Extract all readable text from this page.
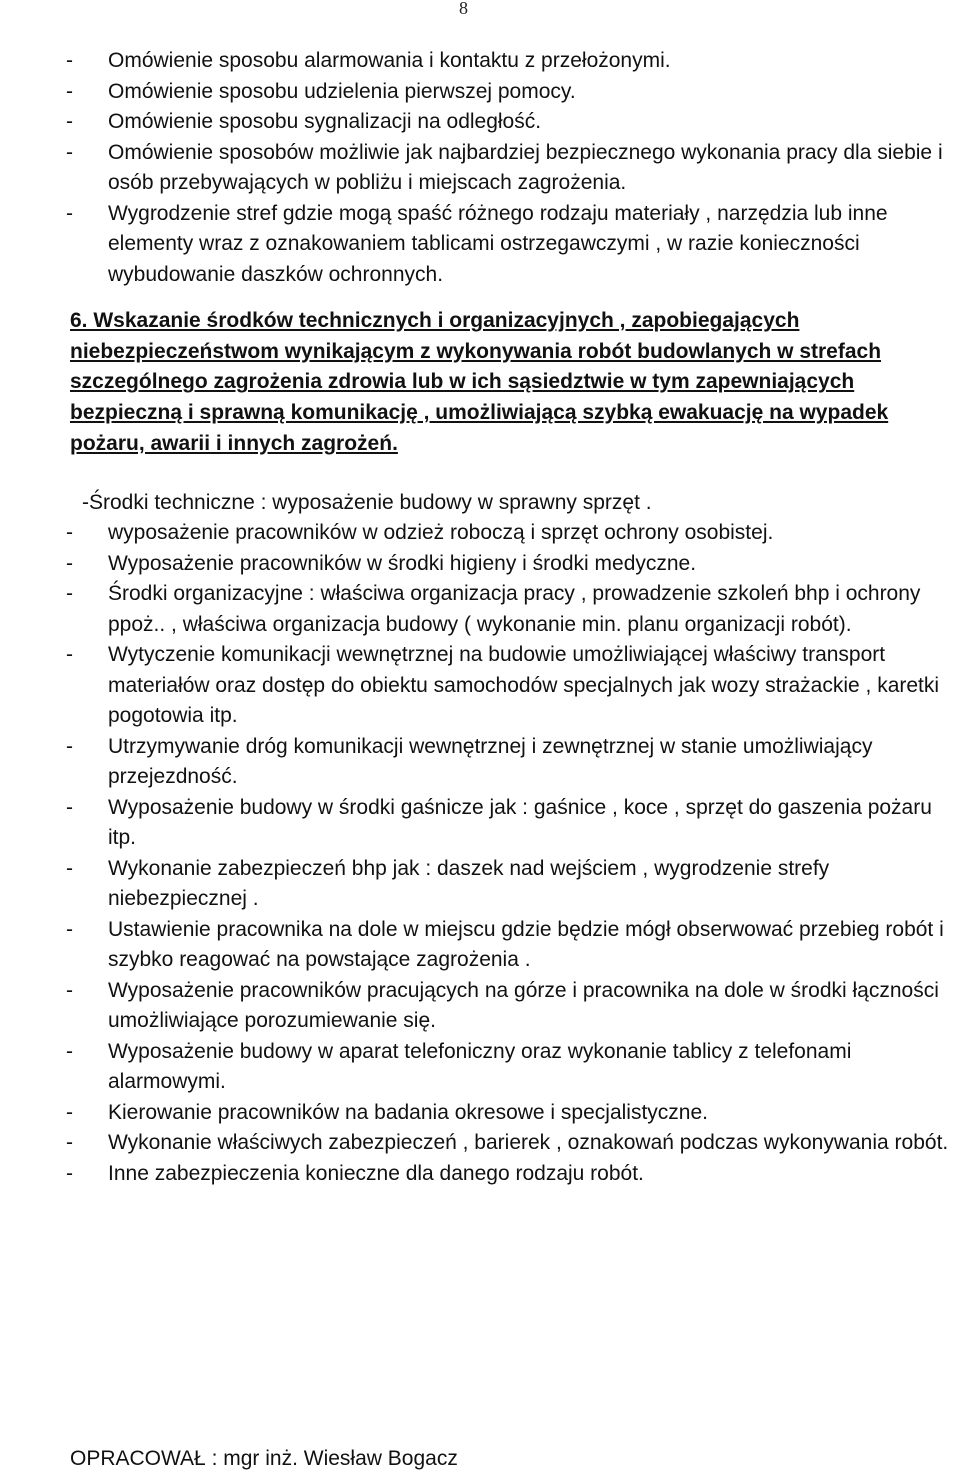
8
-	Omówienie sposobu alarmowania i kontaktu z przełożonymi.
-	Omówienie sposobu udzielenia pierwszej pomocy.
-	Omówienie sposobu sygnalizacji na odległość.
-	Omówienie sposobów możliwie jak najbardziej bezpiecznego wykonania pracy dla siebie i osób przebywających w pobliżu i miejscach zagrożenia.
-	Wygrodzenie stref gdzie mogą spaść różnego rodzaju materiały , narzędzia lub inne elementy wraz z oznakowaniem tablicami ostrzegawczymi , w razie konieczności wybudowanie daszków ochronnych.
6. Wskazanie środków technicznych i organizacyjnych , zapobiegających niebezpieczeństwom wynikającym z wykonywania robót budowlanych w strefach szczególnego zagrożenia zdrowia lub w ich sąsiedztwie w tym zapewniających bezpieczną i sprawną komunikację , umożliwiającą szybką ewakuację na wypadek pożaru, awarii i innych zagrożeń.
-Środki techniczne : wyposażenie budowy w sprawny sprzęt .
-	wyposażenie pracowników w odzież roboczą i sprzęt ochrony osobistej.
-	Wyposażenie pracowników w środki higieny i środki medyczne.
-	Środki organizacyjne : właściwa organizacja pracy , prowadzenie szkoleń bhp i ochrony ppoż.. , właściwa organizacja budowy ( wykonanie min. planu organizacji robót).
-	Wytyczenie komunikacji wewnętrznej na budowie umożliwiającej właściwy transport materiałów oraz dostęp do obiektu samochodów specjalnych jak wozy strażackie , karetki pogotowia itp.
-	Utrzymywanie dróg komunikacji wewnętrznej i zewnętrznej w stanie umożliwiający przejezdność.
-	Wyposażenie budowy w środki gaśnicze jak : gaśnice , koce , sprzęt do gaszenia pożaru itp.
-	Wykonanie zabezpieczeń bhp jak : daszek nad wejściem , wygrodzenie strefy niebezpiecznej .
-	Ustawienie pracownika na dole w miejscu gdzie będzie mógł obserwować przebieg robót i szybko reagować na powstające zagrożenia .
-	Wyposażenie pracowników pracujących na górze i pracownika na dole w środki łączności umożliwiające porozumiewanie się.
-	Wyposażenie budowy w aparat telefoniczny oraz wykonanie tablicy z telefonami alarmowymi.
-	Kierowanie pracowników na badania okresowe i specjalistyczne.
-	Wykonanie właściwych zabezpieczeń , barierek , oznakowań podczas wykonywania robót.
-	Inne zabezpieczenia konieczne dla danego rodzaju robót.
OPRACOWAŁ : mgr inż. Wiesław Bogacz
